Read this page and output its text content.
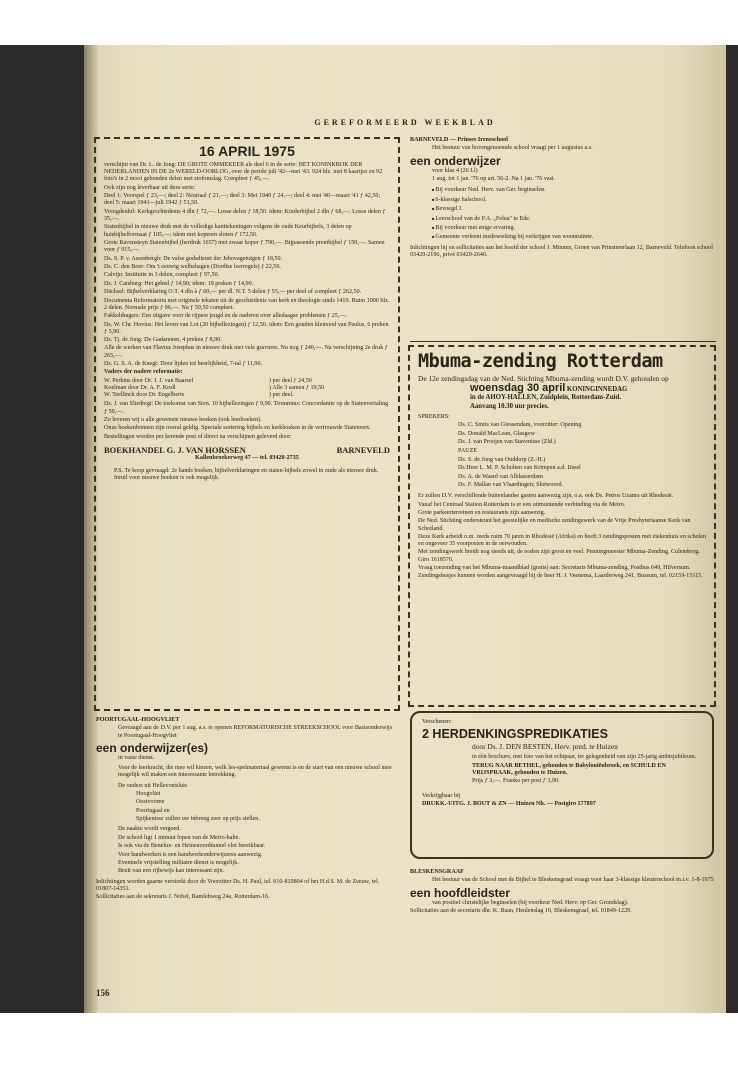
GEREFORMEERD WEEKBLAD
16 APRIL 1975

verschijnt van Dr. L. de Jong: DE GROTE OMMEKEER als deel 6 in de serie: HET KONINKRIJK DER NEDERLANDEN IN DE 2e WERELD-OORLOG, over de perido juli '42—mei '43. 924 blz. met 8 kaartjes en 92 foto's in 2 mooi gebonden delen met stofomslag. Compleet ƒ 45,—.

Ook zijn nog leverbaar uit deze serie:

Deel 1: Voorspel ƒ 23,—; deel 2: Neutraal ƒ 21,—; deel 3: Mei 1940 ƒ 24,—; deel 4: mei '40—maart '41 ƒ 42,50; deel 5: maart 1941—juli 1942 ƒ 51,50.

Vreugdenhil: Kerkgeschiedenis 4 dln ƒ 72,—. Losse delen ƒ 18,50. idem: Kinderbijbel 2 dln ƒ 68,—. Losse delen ƒ 35,—.

Statenbijbel in nieuwe druk met de volledige kanttekeningen volgens de oude Keurbijbels, 3 delen op huisbijbelformaat ƒ 105,—; idem met koperen sloten ƒ 172,50.

Grote Ravensteyn Statenbijbel (herdruk 1657) met zwaar koper ƒ 790,—. Bijpassende prentbijbel ƒ 150,—. Samen voor ƒ 915,—.

Ds. S. P. v. Assenbergh: De valse godsdienst der Jehovagetuigen ƒ 18,50.

Ds. C. den Boer: Om 't eeuwig welbehagen (Dordtse leerregels) ƒ 22,50.

Calvijn: Institutie in 3 delen, compleet ƒ 97,50.

Ds. J. Catsburg: Het gebed ƒ 14,90; idem: 18 preken ƒ 14,90.

Dächsel: Bijbelverklaring O.T. 4 dln à ƒ 60,— per dl. N.T. 5 delen ƒ 55,— per deel of compleet ƒ 262,50.

Documenta Reformatoria met originele teksten uit de geschiedenis van kerk en theologie sinds 1419. Ruim 1000 blz. 2 delen. Normale prijs ƒ 96,—. Nu ƒ 59,50 compleet.

Fakkeldragers: Een uitgave voor de rijpere jeugd en de ouderen over alledaagse problemen ƒ 25,—.

Ds. W. Chr. Hovius: Het leven van Lot (20 bijbellezingen) ƒ 12,50. idem: Een gouden kleinood van Paulus, 6 preken ƒ 5,90.

Ds. Tj. de Jong: De Gadarenen, 4 preken ƒ 8,90.

Alle de werken van Flavius Josephus in nieuwe druk met vele gravures. Nu nog ƒ 240,—. Na verschijning 2e druk ƒ 265,—.

Ds. G. S. A. de Knegt: Door lijden tot heerlijkheid, 7-tal ƒ 11,90.

Vaders der nadere reformatie:

W. Perkins door Dr. J. J. van Baarsel	) per deel ƒ 24,50
Koelman door Dr. A. F. Krull	) Alle 3 samen ƒ 19,50
W. Teellinck door Dr. Engelberts	) per deel.

Ds. J. van Sliedregt: De toekomst van Sion. 10 bijbellezingen ƒ 9,90. Trommius: Concordantie op de Statenvertaling ƒ 59,—.

Zo leveren wij u alle gewenste nieuwe boeken (ook leesboeken).

Onze boekenbonnen zijn overal geldig. Speciale sortering bijbels en kerkboeken in de vertrouwde Statenvert.

Bestellingen worden per kerende post of direct na verschijnen geleverd door:

BOEKHANDEL G. J. VAN HORSSEN	BARNEVELD

Kallenbroekerweg 47 — tel. 03420-2735

P.S. Te koop gevraagd: 2e hands boeken, bijbelverklaringen en staten-bijbels zowel in oude als nieuwe druk. Inruil voor nieuwe boeken is ook mogelijk.

POORTUGAAL-HOOGVLIET

Gevraagd aan de D.V. per 1 aug. a.s. te openen REFORMATORISCHE STREEKSCHOOL voor Basisonderwijs te Poortugaal-Hoogvliet

een onderwijzer(es)

in vaste dienst.

Voor de leerkracht, die mee wil kiezen, welk les-spelmateriaal gewenst is en de start van een nieuwe school mee mogelijk wil maken een interessante betrekking.

De ouders uit Hellevoetsluis

Hoogvliet

Oostvoorne

Poortugaal en

Spijkenisse zullen uw inbreng zeer op prijs stellen.

De naakte wordt vergoed.

De school ligt 1 minuut lopen van de Metro-halte.

Is ook via de Benelux- en Heinenoordtunnel vlot bereikbaar.

Voor handwerken is een handwerkonderwijzeres aanwezig.

Eventuele vrijstelling militaire dienst is mogelijk.

Bezit van een rijbewijs kan interessant zijn.

Inlichtingen worden gaarne verstrekt door de Voorzitter Ds. H. Paul, tel. 010-810804 of het H.d.S. M. de Zeeuw, tel. 01807-14351.

Sollicitaties aan de sekretaris J. Nobel, Ramlehweg 24a, Rotterdam-16.

156

BARNEVELD — Prinses Ireneschool

Het bestuur van bovengenoemde school vraagt per 1 augustus a.s.

een onderwijzer

voor klas 4 (26 Ll)

1 aug. tot 1 jan. '76 op art. 56-2. Na 1 jan. '76 vast.

■ Bij voorkeur Ned. Herv. van Ger. beginselen.

■ 6-klassige halschool.

■ Bevoegd J.

■ Leerschool van de P.A. „Felua" te Ede.

■ Bij voorkeur met enige ervaring.

■ Gemeente verleent medewerking bij verkrijgen van woonruimte.

Inlichtingen bij en sollicitaties aan het hoofd der school J. Minnen, Groen van Prinstererlaan 12, Barneveld. Telefoon school 03420-2196, privé 03420-2640.

Mbuma-zending Rotterdam

De 12e zendingsdag van de Ned. Stichting Mbuma-zending wordt D.V. gehouden op

woensdag 30 april KONINGINNEDAG

in de AHOY-HALLEN, Zuidplein, Rotterdam-Zuid.

Aanvang 10.30 uur precies.

SPREKERS:

Ds. C. Smits van Giessendam, voorzitter: Opening

Ds. Donald MacLean, Glasgow

Ds. J. van Proojen van Stavenisse (Zld.)

PAUZE

Ds. S. de Jong van Ouddorp (Z.-H.)

Ds Heer L. M. P. Scholten van Krimpen a.d. IJssel

Ds. A. de Waard van Alblasserdam

Ds. F. Mallan van Vlaardingen; Slotwoord.

Er zullen D.V. verschillende buitenlandse gasten aanwezig zijn, o.a. ook Ds. Petros Uzamo uit Rhodesië.

Vanaf het Centraal Station Rotterdam is er een uitmuntende verbinding via de Metro.

Grote parkeerterreinen en restaurants zijn aanwezig.

De Ned. Stichting ondersteunt het geestelijke en medische zendingswerk van de Vrije Presbyteriaanse Kerk van Schotland.

Deze Kerk arbeidt o.m. reeds ruim 70 jaren in Rhodesië (Afrika) en heeft 3 zendingsposten met ziekenhuis en scholen en ongeveer 35 voorposten in de oerwouden.

Met zendingswerk breidt nog steeds uit, de noden zijn groot en veel. Penningmeester Mbuma-Zending, Culemborg. Giro 1618570.

Vraag toezending van het Mbuma-maandblad (gratis) aan: Secretaris Mbuma-zending, Postbus 649, Hilversum.

Zendingsbusjes kunnen worden aangevraagd bij de heer H. J. Veenema, Laarderweg 241, Bussum, tel. 02159-15115.

Verschenen:

2 HERDENKINGSPREDIKATIES

door Ds. J. DEN BESTEN, Herv. pred. te Huizen

in één brochure, met foto van het echtpaar, ter gelegenheid van zijn 25-jarig ambtsjubileum.

TERUG NAAR BETHEL, gehouden te Babyloniënbroek, en SCHULD EN VRIJSPRAAK, gehouden te Huizen.

Prijs ƒ 3,—. Franko per post ƒ 3,90.

Verkrijgbaar bij

DRUKK.-UITG. J. BOUT & ZN — Huizen Nh. — Postgiro 177897

BLESKENSGRAAF

Het bestuur van de School met de Bijbel te Bleskensgraaf vraagt voor haar 3-klassige kleuterschool m.i.v. 1-8-1975

een hoofdleidster

van positief christelijke beginselen (bij voorkeur Ned. Herv. op Ger. Grondslag).

Sollicitaties aan de secretaris dhr. K. Baan, Heulenslag 16, Bleskensgraaf, tel. 01849-1229.
